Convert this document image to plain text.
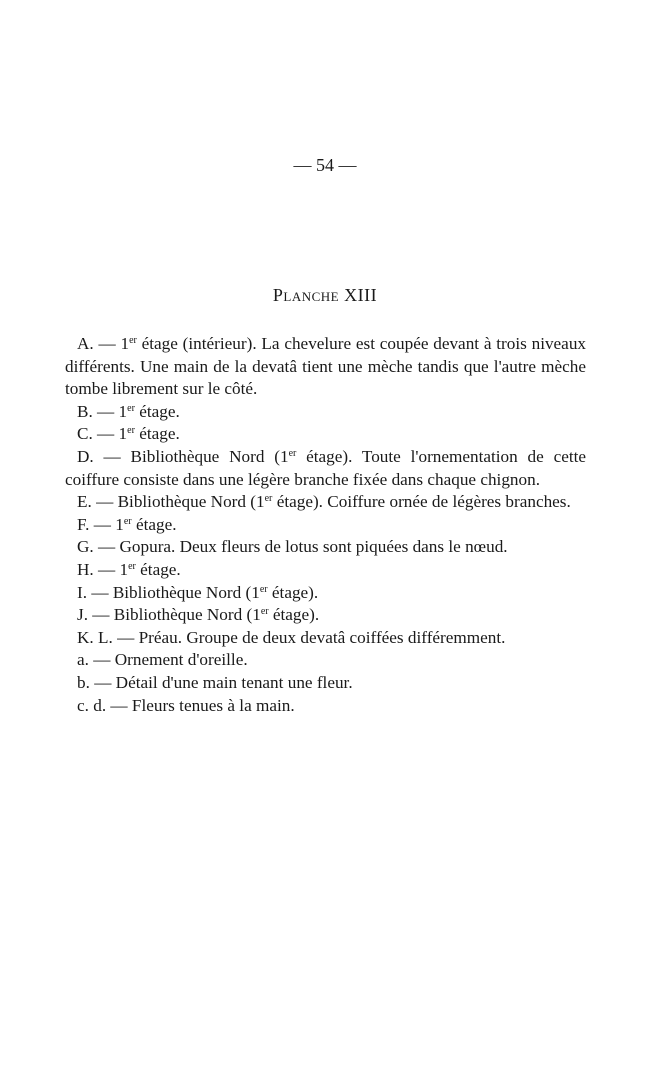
— 54 —
Planche XIII

A. — 1er étage (intérieur). La chevelure est coupée devant à trois niveaux différents. Une main de la devatâ tient une mèche tandis que l'autre mèche tombe librement sur le côté.

B. — 1er étage.

C. — 1er étage.

D. — Bibliothèque Nord (1er étage). Toute l'ornementation de cette coiffure consiste dans une légère branche fixée dans chaque chignon.

E. — Bibliothèque Nord (1er étage). Coiffure ornée de légères branches.

F. — 1er étage.

G. — Gopura. Deux fleurs de lotus sont piquées dans le nœud.

H. — 1er étage.

I. — Bibliothèque Nord (1er étage).

J. — Bibliothèque Nord (1er étage).

K. L. — Préau. Groupe de deux devatâ coiffées différemment.

a. — Ornement d'oreille.

b. — Détail d'une main tenant une fleur.

c. d. — Fleurs tenues à la main.
